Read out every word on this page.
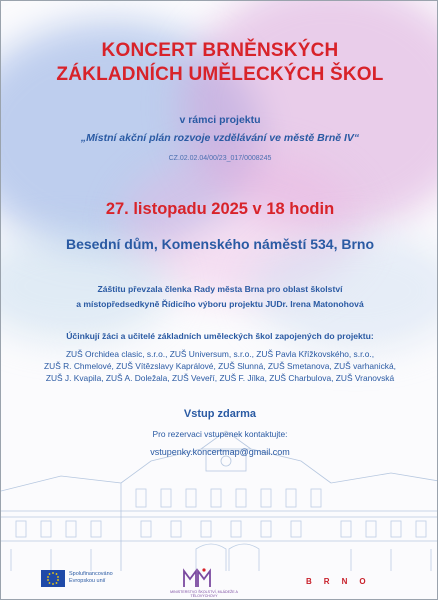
KONCERT BRNĚNSKÝCH
ZÁKLADNÍCH UMĚLECKÝCH ŠKOL
v rámci projektu
„Místní akční plán rozvoje vzdělávání ve městě Brně IV“
CZ.02.02.04/00/23_017/0008245
27. listopadu 2025 v 18 hodin
Besední dům, Komenského náměstí 534, Brno
Záštitu převzala členka Rady města Brna pro oblast školství
a místopředsedkyně Řídicího výboru projektu JUDr. Irena Matonohová
Účinkují žáci a učitelé základních uměleckých škol zapojených do projektu:
ZUŠ Orchidea clasic, s.r.o., ZUŠ Universum, s.r.o., ZUŠ Pavla Křížkovského, s.r.o.,
ZUŠ R. Chmelové, ZUŠ Vítězslavy Kaprálové, ZUŠ Slunná, ZUŠ Smetanova, ZUŠ varhanická,
ZUŠ J. Kvapila, ZUŠ A. Doležala, ZUŠ Veveří, ZUŠ F. Jílka, ZUŠ Charbulova, ZUŠ Vranovská
Vstup zdarma
Pro rezervaci vstupenek kontaktujte:
vstupenky.koncertmap@gmail.com
Spolufinancováno
Evropskou unií
MINISTERSTVO ŠKOLSTVÍ, MLÁDEŽE A TĚLOVÝCHOVY
B R N O
